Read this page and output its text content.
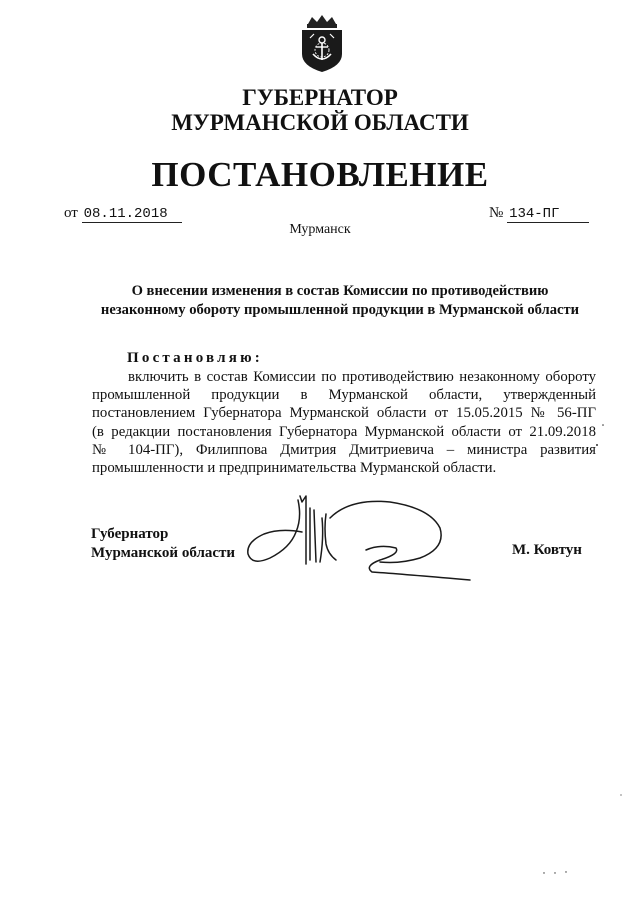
ГУБЕРНАТОР
МУРМАНСКОЙ ОБЛАСТИ
ПОСТАНОВЛЕНИЕ
от 08.11.2018	№ 134-ПГ
Мурманск
О внесении изменения в состав Комиссии по противодействию
незаконному обороту промышленной продукции в Мурманской области
Постановляю:
включить в состав Комиссии по противодействию незаконному обороту
промышленной продукции в Мурманской области, утвержденный
постановлением Губернатора Мурманской области от 15.05.2015 № 56-ПГ
(в редакции постановления Губернатора Мурманской области от 21.09.2018
№ 104-ПГ), Филиппова Дмитрия Дмитриевича – министра развития
промышленности и предпринимательства Мурманской области.
Губернатор
Мурманской области	М. Ковтун
